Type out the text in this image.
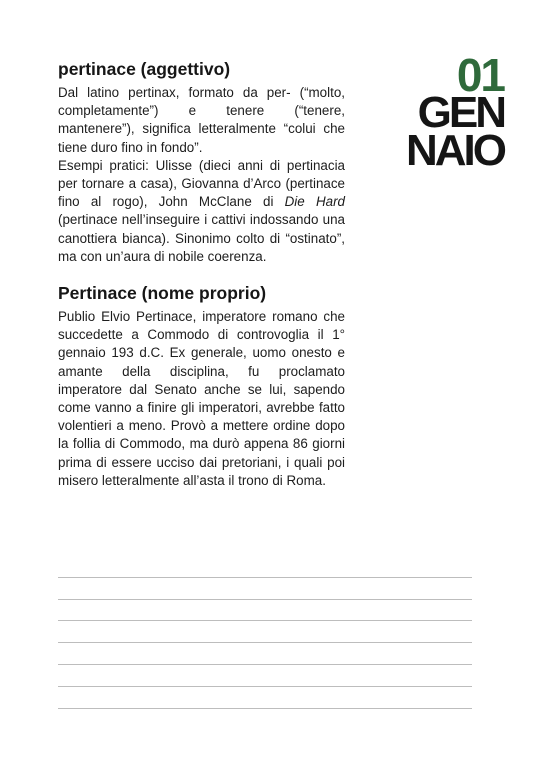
pertinace (aggettivo)

Dal latino pertinax, formato da per- (“molto, completamente”) e tenere (“tenere, mantenere”), significa letteralmente “colui che tiene duro fino in fondo”.

Esempi pratici: Ulisse (dieci anni di pertinacia per tornare a casa), Giovanna d’Arco (pertinace fino al rogo), John McClane di Die Hard (pertinace nell’inseguire i cattivi indossando una canottiera bianca). Sinonimo colto di “ostinato”, ma con un’aura di nobile coerenza.

Pertinace (nome proprio)

Publio Elvio Pertinace, imperatore romano che succedette a Commodo di controvoglia il 1° gennaio 193 d.C. Ex generale, uomo onesto e amante della disciplina, fu proclamato imperatore dal Senato anche se lui, sapendo come vanno a finire gli imperatori, avrebbe fatto volentieri a meno. Provò a mettere ordine dopo la follia di Commodo, ma durò appena 86 giorni prima di essere ucciso dai pretoriani, i quali poi misero letteralmente all’asta il trono di Roma.

01
GEN
NAIO
